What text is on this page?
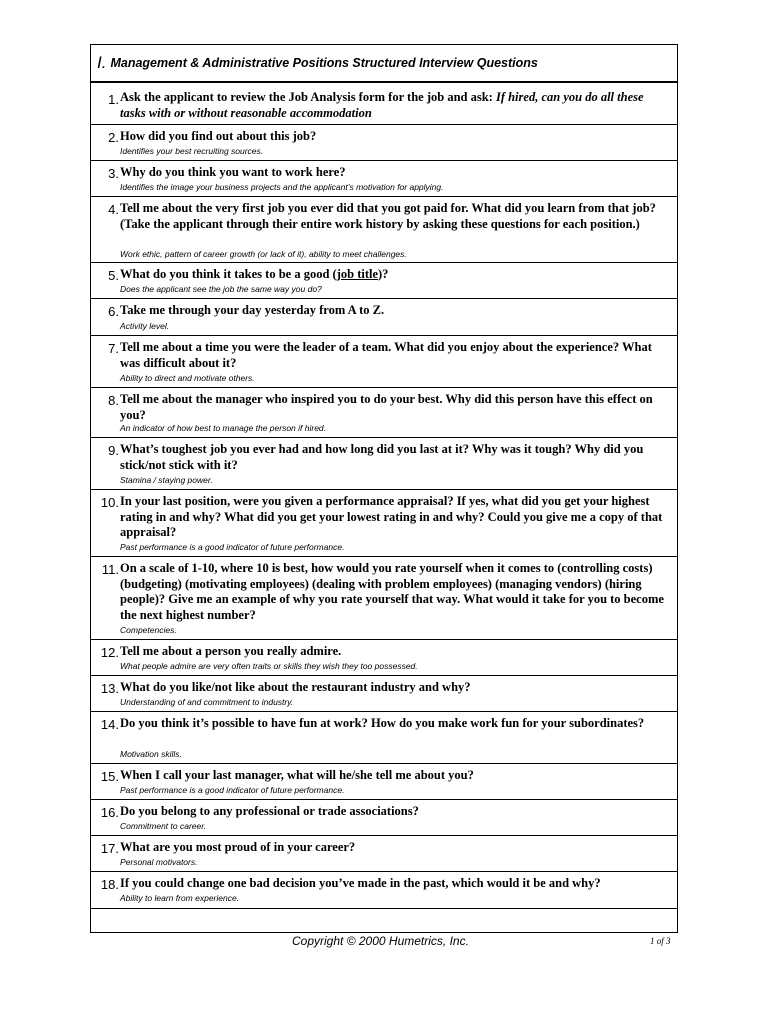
I. Management & Administrative Positions Structured Interview Questions
1. Ask the applicant to review the Job Analysis form for the job and ask: If hired, can you do all these tasks with or without reasonable accommodation
2. How did you find out about this job?
Identifies your best recruiting sources.
3. Why do you think you want to work here?
Identifies the image your business projects and the applicant’s motivation for applying.
4. Tell me about the very first job you ever did that you got paid for. What did you learn from that job? (Take the applicant through their entire work history by asking these questions for each position.)
Work ethic, pattern of career growth (or lack of it), ability to meet challenges.
5. What do you think it takes to be a good (job title)?
Does the applicant see the job the same way you do?
6. Take me through your day yesterday from A to Z.
Activity level.
7. Tell me about a time you were the leader of a team. What did you enjoy about the experience? What was difficult about it?
Ability to direct and motivate others.
8. Tell me about the manager who inspired you to do your best. Why did this person have this effect on you?
An indicator of how best to manage the person if hired.
9. What’s toughest job you ever had and how long did you last at it? Why was it tough? Why did you stick/not stick with it?
Stamina / staying power.
10. In your last position, were you given a performance appraisal? If yes, what did you get your highest rating in and why? What did you get your lowest rating in and why? Could you give me a copy of that appraisal?
Past performance is a good indicator of future performance.
11. On a scale of 1-10, where 10 is best, how would you rate yourself when it comes to (controlling costs) (budgeting) (motivating employees) (dealing with problem employees) (managing vendors) (hiring people)? Give me an example of why you rate yourself that way. What would it take for you to become the next highest number?
Competencies.
12. Tell me about a person you really admire.
What people admire are very often traits or skills they wish they too possessed.
13. What do you like/not like about the restaurant industry and why?
Understanding of and commitment to industry.
14. Do you think it’s possible to have fun at work? How do you make work fun for your subordinates?
Motivation skills.
15. When I call your last manager, what will he/she tell me about you?
Past performance is a good indicator of future performance.
16. Do you belong to any professional or trade associations?
Commitment to career.
17. What are you most proud of in your career?
Personal motivators.
18. If you could change one bad decision you’ve made in the past, which would it be and why?
Ability to learn from experience.
Copyright © 2000 Humetrics, Inc.	1 of 3
